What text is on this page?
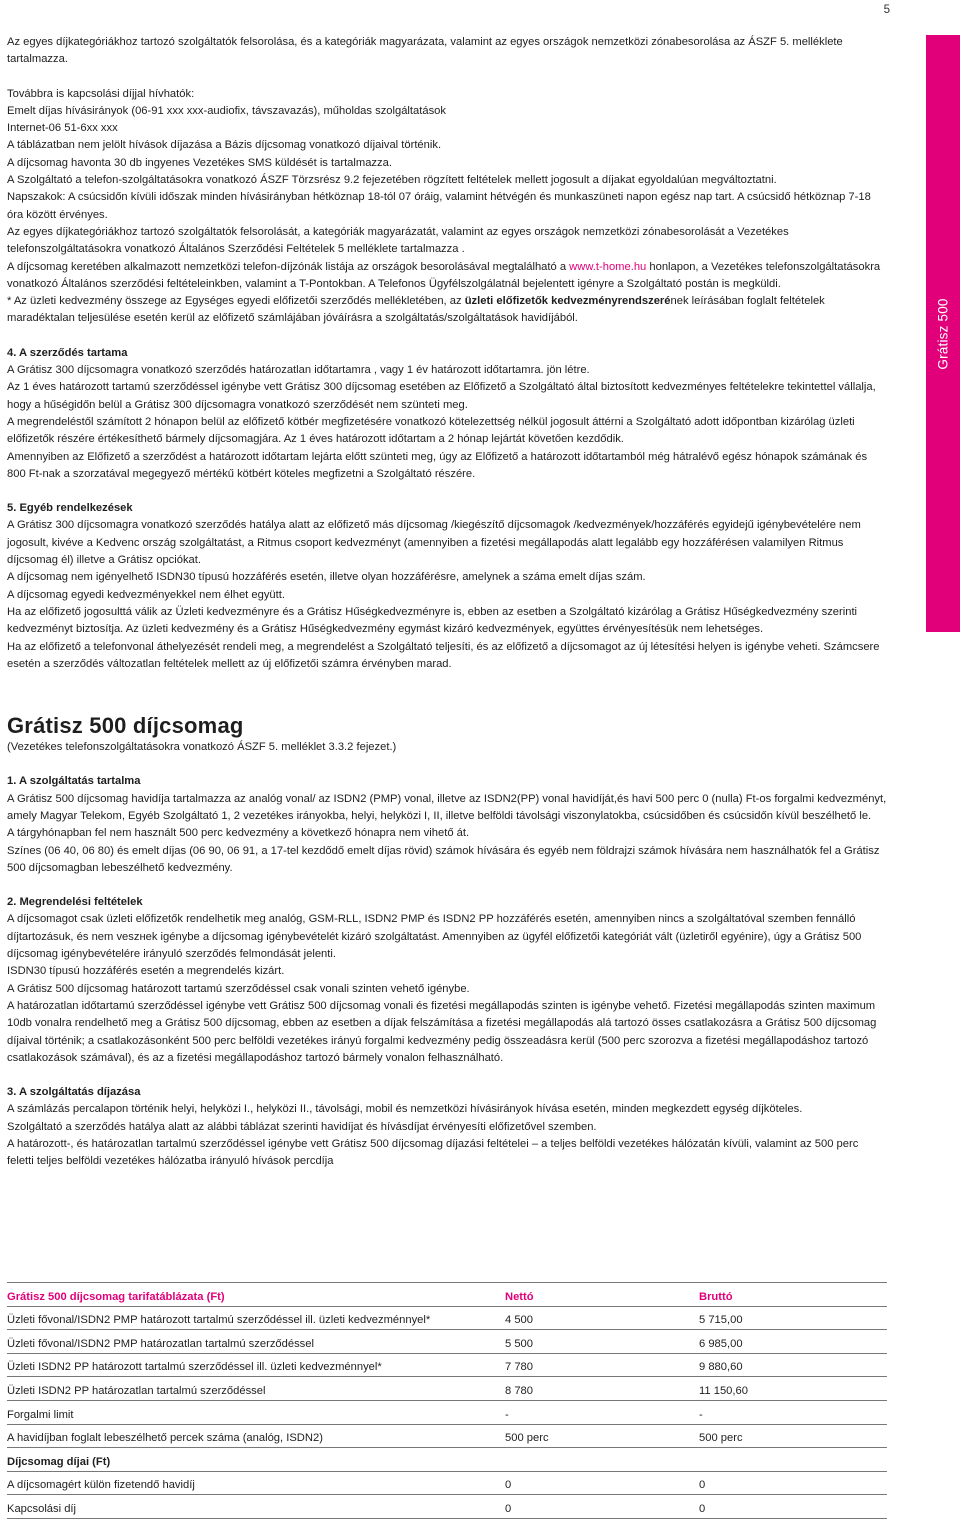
5
Grátisz 500

Az egyes díjkategóriákhoz tartozó szolgáltatók felsorolása, és a kategóriák magyarázata, valamint az egyes országok nemzetközi zónabesorolása az ÁSZF 5. melléklete tartalmazza.

Továbbra is kapcsolási díjjal hívhatók:

Emelt díjas hívásirányok (06-91 xxx xxx-audiofix, távszavazás), műholdas szolgáltatások

Internet-06 51-6xx xxx

A táblázatban nem jelölt hívások díjazása a Bázis díjcsomag vonatkozó díjaival történik.

A díjcsomag havonta 30 db ingyenes Vezetékes SMS küldését is tartalmazza.

A Szolgáltató a telefon-szolgáltatásokra vonatkozó ÁSZF Törzsrész 9.2 fejezetében rögzített feltételek mellett jogosult a díjakat egyoldalúan megváltoztatni.

Napszakok: A csúcsidőn kívüli időszak minden hívásirányban hétköznap 18-tól 07 óráig, valamint hétvégén és munkaszüneti napon egész nap tart. A csúcsidő hétköznap 7-18 óra között érvényes.

Az egyes díjkategóriákhoz tartozó szolgáltatók felsorolását, a kategóriák magyarázatát, valamint az egyes országok nemzetközi zónabesorolását a Vezetékes telefonszolgáltatásokra vonatkozó Általános Szerződési Feltételek 5 melléklete tartalmazza .

A díjcsomag keretében alkalmazott nemzetközi telefon-díjzónák listája az országok besorolásával megtalálható a www.t-home.hu honlapon, a Vezetékes telefonszolgáltatásokra vonatkozó Általános szerződési feltételeinkben, valamint a T-Pontokban. A Telefonos Ügyfélszolgálatnál bejelentett igényre a Szolgáltató postán is megküldi.

* Az üzleti kedvezmény összege az Egységes egyedi előfizetői szerződés mellékletében, az üzleti előfizetők kedvezményrendszerének leírásában foglalt feltételek maradéktalan teljesülése esetén kerül az előfizető számlájában jóváírásra a szolgáltatás/szolgáltatások havidíjából.

4. A szerződés tartama

A Grátisz 300 díjcsomagra vonatkozó szerződés határozatlan időtartamra , vagy 1 év határozott időtartamra. jön létre.

Az 1 éves határozott tartamú szerződéssel igénybe vett Grátisz 300 díjcsomag esetében az Előfizető a Szolgáltató által biztosított kedvezményes feltételekre tekintettel vállalja, hogy a hűségidőn belül a Grátisz 300 díjcsomagra vonatkozó szerződését nem szünteti meg.

A megrendeléstől számított 2 hónapon belül az előfizető kötbér megfizetésére vonatkozó kötelezettség nélkül jogosult áttérni a Szolgáltató adott időpontban kizárólag üzleti előfizetők részére értékesíthető bármely díjcsomagjára. Az 1 éves határozott időtartam a 2 hónap lejártát követően kezdődik.

Amennyiben az Előfizető a szerződést a határozott időtartam lejárta előtt szünteti meg, úgy az Előfizető a határozott időtartamból még hátralévő egész hónapok számának és 800 Ft-nak a szorzatával megegyező mértékű kötbért köteles megfizetni a Szolgáltató részére.

5. Egyéb rendelkezések

A Grátisz 300 díjcsomagra vonatkozó szerződés hatálya alatt az előfizető más díjcsomag /kiegészítő díjcsomagok /kedvezmények/hozzáférés egyidejű igénybevételére nem jogosult, kivéve a Kedvenc ország szolgáltatást, a Ritmus csoport kedvezményt (amennyiben a fizetési megállapodás alatt legalább egy hozzáférésen valamilyen Ritmus díjcsomag él) illetve a Grátisz opciókat.

A díjcsomag nem igényelhető ISDN30 típusú hozzáférés esetén, illetve olyan hozzáférésre, amelynek a száma emelt díjas szám.

A díjcsomag egyedi kedvezményekkel nem élhet együtt.

Ha az előfizető jogosulttá válik az Üzleti kedvezményre és a Grátisz Hűségkedvezményre is, ebben az esetben a Szolgáltató kizárólag a Grátisz Hűségkedvezmény szerinti kedvezményt biztosítja. Az üzleti kedvezmény és a Grátisz Hűségkedvezmény egymást kizáró kedvezmények, együttes érvényesítésük nem lehetséges.

Ha az előfizető a telefonvonal áthelyezését rendeli meg, a megrendelést a Szolgáltató teljesíti, és az előfizető a díjcsomagot az új létesítési helyen is igénybe veheti. Számcsere esetén a szerződés változatlan feltételek mellett az új előfizetői számra érvényben marad.

Grátisz 500 díjcsomag

(Vezetékes telefonszolgáltatásokra vonatkozó ÁSZF 5. melléklet 3.3.2 fejezet.)

1. A szolgáltatás tartalma

A Grátisz 500 díjcsomag havidíja tartalmazza az analóg vonal/ az ISDN2 (PMP) vonal, illetve az ISDN2(PP) vonal havidíját,és havi 500 perc 0 (nulla) Ft-os forgalmi kedvezményt, amely Magyar Telekom, Egyéb Szolgáltató 1, 2 vezetékes irányokba, helyi, helyközi I, II, illetve belföldi távolsági viszonylatokba, csúcsidőben és csúcsidőn kívül beszélhető le.

A tárgyhónapban fel nem használt 500 perc kedvezmény a következő hónapra nem vihető át.

Színes (06 40, 06 80) és emelt díjas (06 90, 06 91, a 17-tel kezdődő emelt díjas rövid) számok hívására és egyéb nem földrajzi számok hívására nem használhatók fel a Grátisz 500 díjcsomagban lebeszélhető kedvezmény.

2. Megrendelési feltételek

A díjcsomagot csak üzleti előfizetők rendelhetik meg analóg, GSM-RLL, ISDN2 PMP és ISDN2 PP hozzáférés esetén, amennyiben nincs a szolgáltatóval szemben fennálló díjtartozásuk, és nem veszнek igénybe a díjcsomag igénybevételét kizáró szolgáltatást. Amennyiben az ügyfél előfizetői kategóriát vált (üzletiről egyénire), úgy a Grátisz 500 díjcsomag igénybevételére irányuló szerződés felmondását jelenti.

ISDN30 típusú hozzáférés esetén a megrendelés kizárt.

A Grátisz 500 díjcsomag határozott tartamú szerződéssel csak vonali szinten vehető igénybe.

A határozatlan időtartamú szerződéssel igénybe vett Grátisz 500 díjcsomag vonali és fizetési megállapodás szinten is igénybe vehető. Fizetési megállapodás szinten maximum 10db vonalra rendelhető meg a Grátisz 500 díjcsomag, ebben az esetben a díjak felszámítása a fizetési megállapodás alá tartozó össes csatlakozásra a Grátisz 500 díjcsomag díjaival történik; a csatlakozásonként 500 perc belföldi vezetékes irányú forgalmi kedvezmény pedig összeadásra kerül (500 perc szorozva a fizetési megállapodáshoz tartozó csatlakozások számával), és az a fizetési megállapodáshoz tartozó bármely vonalon felhasználható.

3. A szolgáltatás díjazása

A számlázás percalapon történik helyi, helyközi I., helyközi II., távolsági, mobil és nemzetközi hívásirányok hívása esetén, minden megkezdett egység díjköteles.

Szolgáltató a szerződés hatálya alatt az alábbi táblázat szerinti havidíjat és hívásdíjat érvényesíti előfizetővel szemben.

A határozott-, és határozatlan tartalmú szerződéssel igénybe vett Grátisz 500 díjcsomag díjazási feltételei – a teljes belföldi vezetékes hálózatán kívüli, valamint az 500 perc feletti teljes belföldi vezetékes hálózatba irányuló hívások percdíja

Grátisz 500 díjcsomag tarifatáblázata (Ft)	Nettó	Bruttó
Üzleti fővonal/ISDN2 PMP határozott tartalmú szerződéssel ill. üzleti kedvezménnyel*	4 500	5 715,00
Üzleti fővonal/ISDN2 PMP határozatlan tartalmú szerződéssel	5 500	6 985,00
Üzleti ISDN2 PP határozott tartalmú szerződéssel ill. üzleti kedvezménnyel*	7 780	9 880,60
Üzleti ISDN2 PP határozatlan tartalmú szerződéssel	8 780	11 150,60
Forgalmi limit	-	-
A havidíjban foglalt lebeszélhető percek száma (analóg, ISDN2)	500 perc	500 perc
Díjcsomag díjai (Ft)		
A díjcsomagért külön fizetendő havidíj	0	0
Kapcsolási díj	0	0
